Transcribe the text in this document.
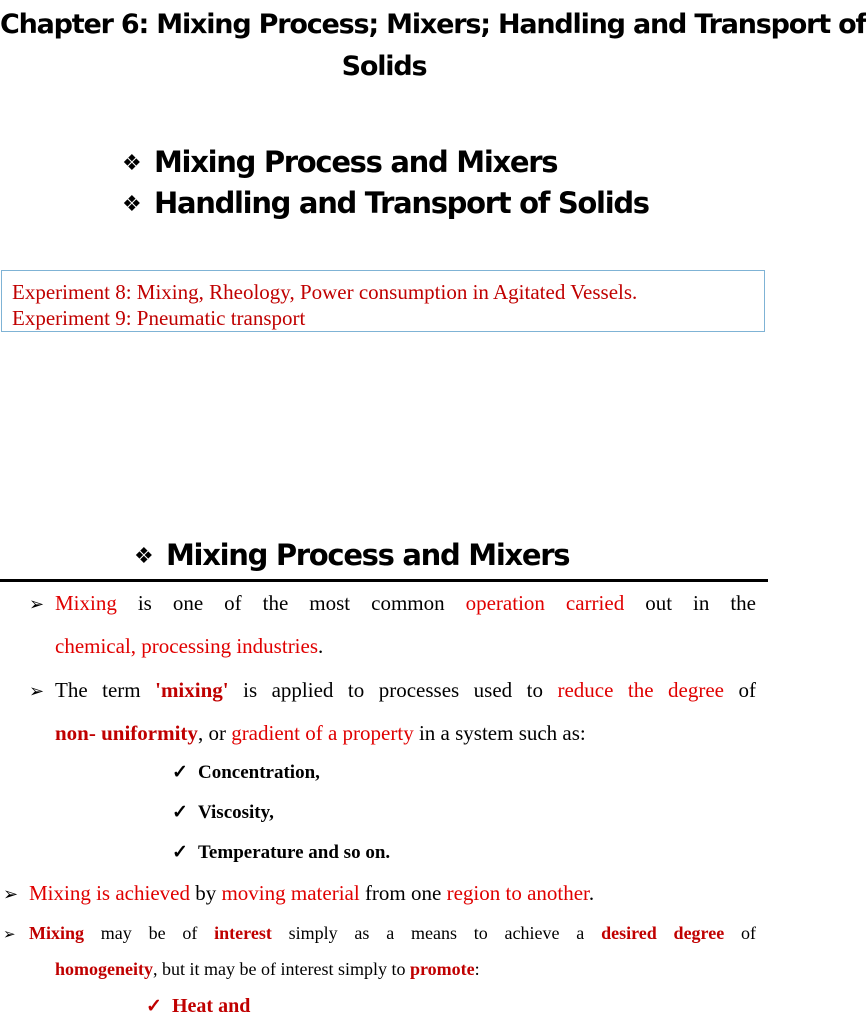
Chapter 6: Mixing Process; Mixers; Handling and Transport of
Solids
❖ Mixing Process and Mixers
❖ Handling and Transport of Solids
Experiment 8: Mixing, Rheology, Power consumption in Agitated Vessels.
Experiment 9: Pneumatic transport
❖ Mixing Process and Mixers
➢ Mixing is one of the most common operation carried out in the
chemical, processing industries.
➢ The term 'mixing' is applied to processes used to reduce the degree of
non- uniformity, or gradient of a property in a system such as:
✓ Concentration,
✓ Viscosity,
✓ Temperature and so on.
➢ Mixing is achieved by moving material from one region to another.
➢ Mixing may be of interest simply as a means to achieve a desired degree of
homogeneity, but it may be of interest simply to promote:
✓ Heat and
